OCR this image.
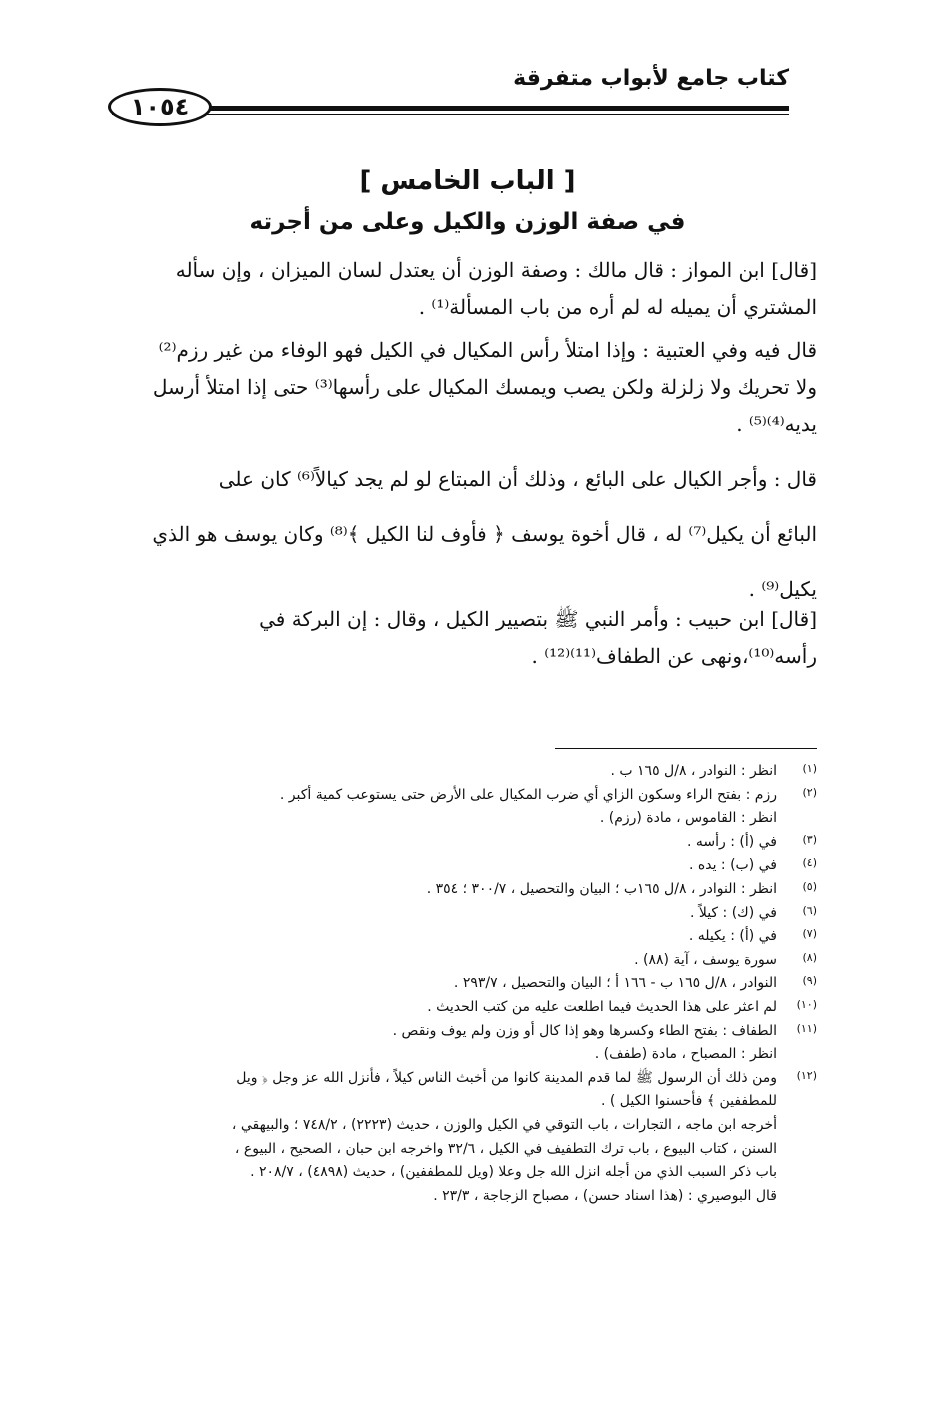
كتاب جامع لأبواب متفرقة
١٠٥٤
[ الباب الخامس ]
في صفة الوزن والكيل وعلى من أجرته
[قال] ابن المواز : قال مالك : وصفة الوزن أن يعتدل لسان الميزان ، وإن سأله
المشتري أن يميله له لم أره من باب المسألة⁽¹⁾ .
قال فيه وفي العتبية : وإذا امتلأ رأس المكيال في الكيل فهو الوفاء من غير رزم⁽²⁾
ولا تحريك ولا زلزلة ولكن يصب ويمسك المكيال على رأسها⁽³⁾ حتى إذا امتلأ أرسل
يديه⁽⁴⁾⁽⁵⁾ .
قال : وأجر الكيال على البائع ، وذلك أن المبتاع لو لم يجد كيالاً⁽⁶⁾ كان على
البائع أن يكيل⁽⁷⁾ له ، قال أخوة يوسف ﴿ فأوف لنا الكيل ﴾⁽⁸⁾ وكان يوسف هو الذي
يكيل⁽⁹⁾ .
[قال] ابن حبيب : وأمر النبي ﷺ بتصيير الكيل ، وقال : إن البركة في
رأسه⁽¹⁰⁾،ونهى عن الطفاف⁽¹¹⁾⁽¹²⁾ .
(١)
انظر : النوادر ، ٨/ل ١٦٥ ب .
(٢)
رزم : بفتح الراء وسكون الزاي أي ضرب المكيال على الأرض حتى يستوعب كمية أكبر .
انظر : القاموس ، مادة (رزم) .
(٣)
في (أ) : رأسه .
(٤)
في (ب) : يده .
(٥)
انظر : النوادر ، ٨/ل ١٦٥ب ؛ البيان والتحصيل ، ٣٠٠/٧ ؛ ٣٥٤ .
(٦)
في (ك) : كيلاً .
(٧)
في (أ) : يكيله .
(٨)
سورة يوسف ، آية (٨٨) .
(٩)
النوادر ، ٨/ل ١٦٥ ب - ١٦٦ أ ؛ البيان والتحصيل ، ٢٩٣/٧ .
(١٠)
لم اعثر على هذا الحديث فيما اطلعت عليه من كتب الحديث .
(١١)
الطفاف : بفتح الطاء وكسرها وهو إذا كال أو وزن ولم يوف ونقص .
انظر : المصباح ، مادة (طفف) .
(١٢)
ومن ذلك أن الرسول ﷺ لما قدم المدينة كانوا من أخبث الناس كيلاً ، فأنزل الله عز وجل ﴿ ويل
للمطففين ﴾ فأحسنوا الكيل ) .
أخرجه ابن ماجه ، التجارات ، باب التوقي في الكيل والوزن ، حديث (٢٢٢٣) ، ٧٤٨/٢ ؛ والبيهقي ،
السنن ، كتاب البيوع ، باب ترك التطفيف في الكيل ، ٣٢/٦ واخرجه ابن حبان ، الصحيح ، البيوع ،
باب ذكر السبب الذي من أجله انزل الله جل وعلا (ويل للمطففين) ، حديث (٤٨٩٨) ، ٢٠٨/٧ .
قال البوصيري : (هذا اسناد حسن) ، مصباح الزجاجة ، ٢٣/٣ .
